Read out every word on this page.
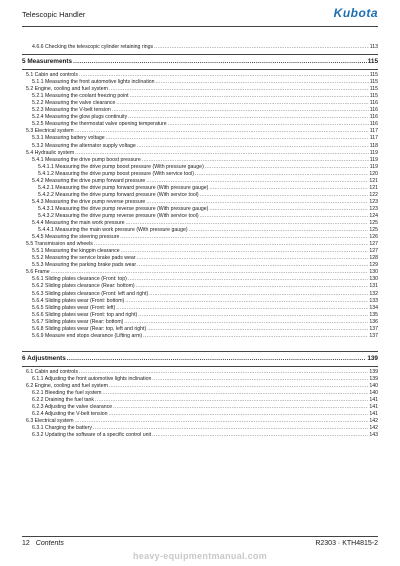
Telescopic Handler	Kubota
4.6.6 Checking the telescopic cylinder retaining rings .....	113
5 Measurements .....	115
5.1 Cabin and controls .....	115
5.1.1 Measuring the front automotive lights inclination .....	115
5.2 Engine, cooling and fuel system .....	115
5.2.1 Measuring the coolant freezing point .....	115
5.2.2 Measuring the valve clearance .....	116
5.2.3 Measuring the V-belt tension .....	116
5.2.4 Measuring the glow plugs continuity .....	116
5.2.5 Measuring the thermostat valve opening temperature .....	116
5.3 Electrical system .....	117
5.3.1 Measuring battery voltage .....	117
5.3.2 Measuring the alternator supply voltage .....	118
5.4 Hydraulic system .....	119
5.4.1 Measuring the drive pump boost pressure .....	119
5.4.1.1 Measuring the drive pump boost pressure (With pressure gauge) .....	119
5.4.1.2 Measuring the drive pump boost pressure (With service tool) .....	120
5.4.2 Measuring the drive pump forward pressure .....	121
5.4.2.1 Measuring the drive pump forward pressure (With pressure gauge) .....	121
5.4.2.2 Measuring the drive pump forward pressure (With service tool) .....	122
5.4.3 Measuring the drive pump reverse pressure .....	123
5.4.3.1 Measuring the drive pump reverse pressure (With pressure gauge) .....	123
5.4.3.2 Measuring the drive pump reverse pressure (With service tool) .....	124
5.4.4 Measuring the main work pressure .....	125
5.4.4.1 Measuring the main work pressure (With pressure gauge) .....	125
5.4.5 Measuring the steering pressure .....	126
5.5 Transmission and wheels .....	127
5.5.1 Measuring the kingpin clearance .....	127
5.5.2 Measuring the service brake pads wear .....	128
5.5.3 Measuring the parking brake pads wear .....	129
5.6 Frame .....	130
5.6.1 Sliding plates clearance (Front: top) .....	130
5.6.2 Sliding plates clearance (Rear: bottom) .....	131
5.6.3 Sliding plates clearance (Front: left and right) .....	132
5.6.4 Sliding plates wear (Front: bottom) .....	133
5.6.5 Sliding plates wear (Front: left) .....	134
5.6.6 Sliding plates wear (Front: top and right) .....	135
5.6.7 Sliding plates wear (Rear: bottom) .....	136
5.6.8 Sliding plates wear (Rear: top, left and right) .....	137
5.6.9 Measure end stops clearance (Lifting arm) .....	137
6 Adjustments .....	139
6.1 Cabin and controls .....	139
6.1.1 Adjusting the front automotive lights inclination .....	139
6.2 Engine, cooling and fuel system .....	140
6.2.1 Bleeding the fuel system .....	140
6.2.2 Draining the fuel tank .....	141
6.2.3 Adjusting the valve clearance .....	141
6.2.4 Adjusting the V-belt tension .....	141
6.3 Electrical system .....	142
6.3.1 Charging the battery .....	142
6.3.2 Updating the software of a specific control unit .....	143
12 Contents	R2303 · KTH4815-2
heavy-equipmentmanual.com
